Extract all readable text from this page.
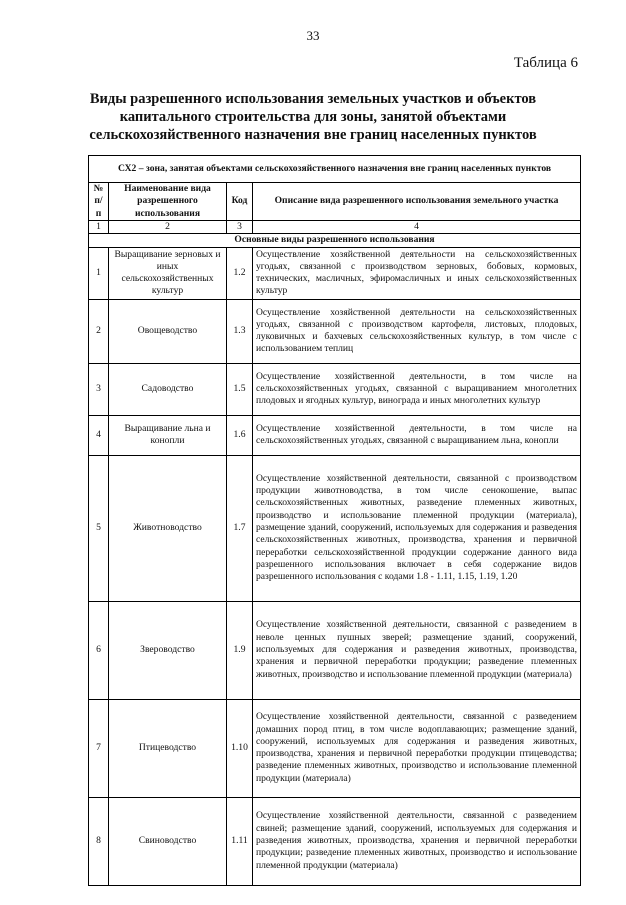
33
Таблица 6
Виды разрешенного использования земельных участков и объектов капитального строительства для зоны, занятой объектами сельскохозяйственного назначения вне границ населенных пунктов
СХ2 – зона, занятая объектами сельскохозяйственного назначения вне границ населенных пунктов			
№ п/п	Наименование вида разрешенного использования	Код	Описание вида разрешенного использования земельного участка
1	2	3	4
Основные виды разрешенного использования			
1	Выращивание зерновых и иных сельскохозяйственных культур	1.2	Осуществление хозяйственной деятельности на сельскохозяйственных угодьях, связанной с производством зерновых, бобовых, кормовых, технических, масличных, эфиромасличных и иных сельскохозяйственных культур
2	Овощеводство	1.3	Осуществление хозяйственной деятельности на сельскохозяйственных угодьях, связанной с производством картофеля, листовых, плодовых, луковичных и бахчевых сельскохозяйственных культур, в том числе с использованием теплиц
3	Садоводство	1.5	Осуществление хозяйственной деятельности, в том числе на сельскохозяйственных угодьях, связанной с выращиванием многолетних плодовых и ягодных культур, винограда и иных многолетних культур
4	Выращивание льна и конопли	1.6	Осуществление хозяйственной деятельности, в том числе на сельскохозяйственных угодьях, связанной с выращиванием льна, конопли
5	Животноводство	1.7	Осуществление хозяйственной деятельности, связанной с производством продукции животноводства, в том числе сенокошение, выпас сельскохозяйственных животных, разведение племенных животных, производство и использование племенной продукции (материала), размещение зданий, сооружений, используемых для содержания и разведения сельскохозяйственных животных, производства, хранения и первичной переработки сельскохозяйственной продукции содержание данного вида разрешенного использования включает в себя содержание видов разрешенного использования с кодами 1.8 - 1.11, 1.15, 1.19, 1.20
6	Звероводство	1.9	Осуществление хозяйственной деятельности, связанной с разведением в неволе ценных пушных зверей; размещение зданий, сооружений, используемых для содержания и разведения животных, производства, хранения и первичной переработки продукции; разведение племенных животных, производство и использование племенной продукции (материала)
7	Птицеводство	1.10	Осуществление хозяйственной деятельности, связанной с разведением домашних пород птиц, в том числе водоплавающих; размещение зданий, сооружений, используемых для содержания и разведения животных, производства, хранения и первичной переработки продукции птицеводства; разведение племенных животных, производство и использование племенной продукции (материала)
8	Свиноводство	1.11	Осуществление хозяйственной деятельности, связанной с разведением свиней; размещение зданий, сооружений, используемых для содержания и разведения животных, производства, хранения и первичной переработки продукции; разведение племенных животных, производство и использование племенной продукции (материала)
